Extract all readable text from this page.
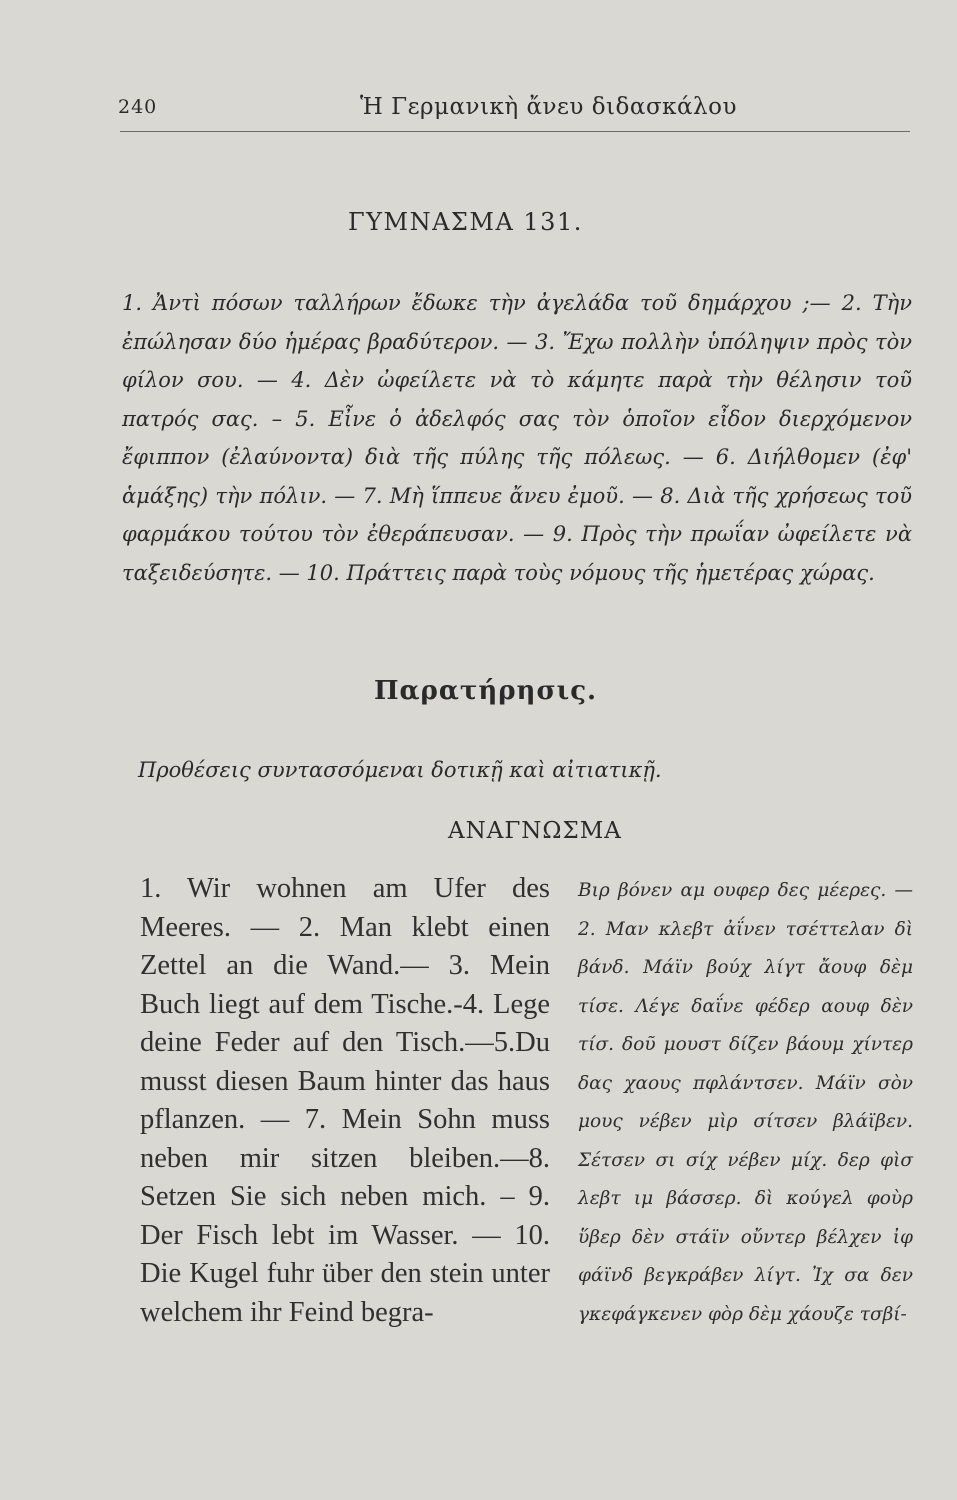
240	Ἡ Γερμανικὴ ἄνευ διδασκάλου
ΓΥΜΝΑΣΜΑ 131.
1. Ἀντὶ πόσων ταλλήρων ἔδωκε τὴν ἀγελάδα τοῦ δημάρχου ;— 2. Τὴν ἐπώλησαν δύο ἡμέρας βραδύτερον. — 3. Ἔχω πολλὴν ὑπόληψιν πρὸς τὸν φίλον σου. — 4. Δὲν ὠφείλετε νὰ τὸ κάμητε παρὰ τὴν θέλησιν τοῦ πατρός σας. – 5. Εἶνε ὁ ἀδελφός σας τὸν ὁποῖον εἶδον διερχόμενον ἔφιππον (ἐλαύνοντα) διὰ τῆς πύλης τῆς πόλεως. — 6. Διήλθομεν (ἐφ' ἁμάξης) τὴν πόλιν. — 7. Μὴ ἵππευε ἄνευ ἐμοῦ. — 8. Διὰ τῆς χρήσεως τοῦ φαρμάκου τούτου τὸν ἐθεράπευσαν. — 9. Πρὸς τὴν πρωΐαν ὠφείλετε νὰ ταξειδεύσητε. — 10. Πράττεις παρὰ τοὺς νόμους τῆς ἡμετέρας χώρας.
Παρατήρησις.
Προθέσεις συντασσόμεναι δοτικῇ καὶ αἰτιατικῇ.
ΑΝΑΓΝΩΣΜΑ
1. Wir wohnen am Ufer des Meeres. — 2. Man klebt einen Zettel an die Wand.— 3. Mein Buch liegt auf dem Tische.-4. Lege deine Feder auf den Tisch.—5.Du musst diesen Baum hinter das haus pflanzen. — 7. Mein Sohn muss neben mir sitzen bleiben.—8. Setzen Sie sich neben mich. – 9. Der Fisch lebt im Wasser. — 10. Die Kugel fuhr über den stein unter welchem ihr Feind begra-
Βιρ βόνεν αμ ουφερ δες μέερες. — 2. Μαν κλεβτ ἀΐνεν τσέττελαν δὶ βάνδ. Μάϊν βούχ λίγτ ἄουφ δὲμ τίσε. Λέγε δαΐνε φέδερ αουφ δὲν τίσ. δοῦ μουστ δίζεν βάουμ χίντερ δας χαους πφλάντσεν. Μάϊν σὸν μους νέβεν μὶρ σίτσεν βλάϊβεν. Σέτσεν σι σίχ νέβεν μίχ. δερ φὶσ λεβτ ιμ βάσσερ. δὶ κούγελ φοὺρ ὕβερ δὲν στάϊν οὔντερ βέλχεν ἰφ φάϊνδ βεγκράβεν λίγτ. Ἰχ σα δεν γκεφάγκενεν φὸρ δὲμ χάουζε τσβί-
